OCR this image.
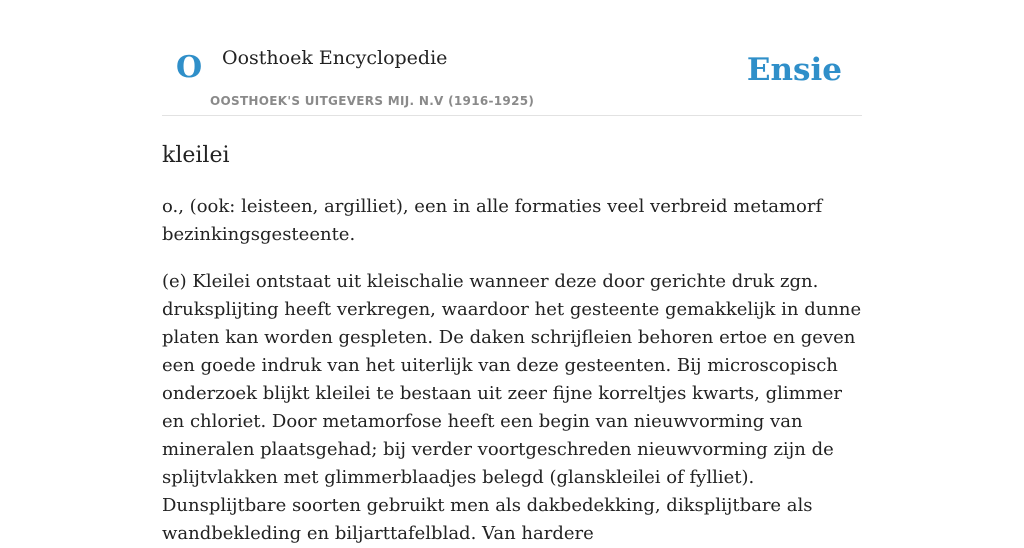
O Oosthoek Encyclopedie
OOSTHOEK'S UITGEVERS MIJ. N.V (1916-1925)
Ensie
kleilei

o., (ook: leisteen, argilliet), een in alle formaties veel verbreid metamorf bezinkingsgesteente.

(e) Kleilei ontstaat uit kleischalie wanneer deze door gerichte druk zgn. druksplijting heeft verkregen, waardoor het gesteente gemakkelijk in dunne platen kan worden gespleten. De daken schrijfleien behoren ertoe en geven een goede indruk van het uiterlijk van deze gesteenten. Bij microscopisch onderzoek blijkt kleilei te bestaan uit zeer fijne korreltjes kwarts, glimmer en chloriet. Door metamorfose heeft een begin van nieuwvorming van mineralen plaatsgehad; bij verder voortgeschreden nieuwvorming zijn de splijtvlakken met glimmerblaadjes belegd (glanskleilei of fylliet). Dunsplijtbare soorten gebruikt men als dakbedekking, diksplijtbare als wandbekleding en biljarttafelblad. Van hardere
